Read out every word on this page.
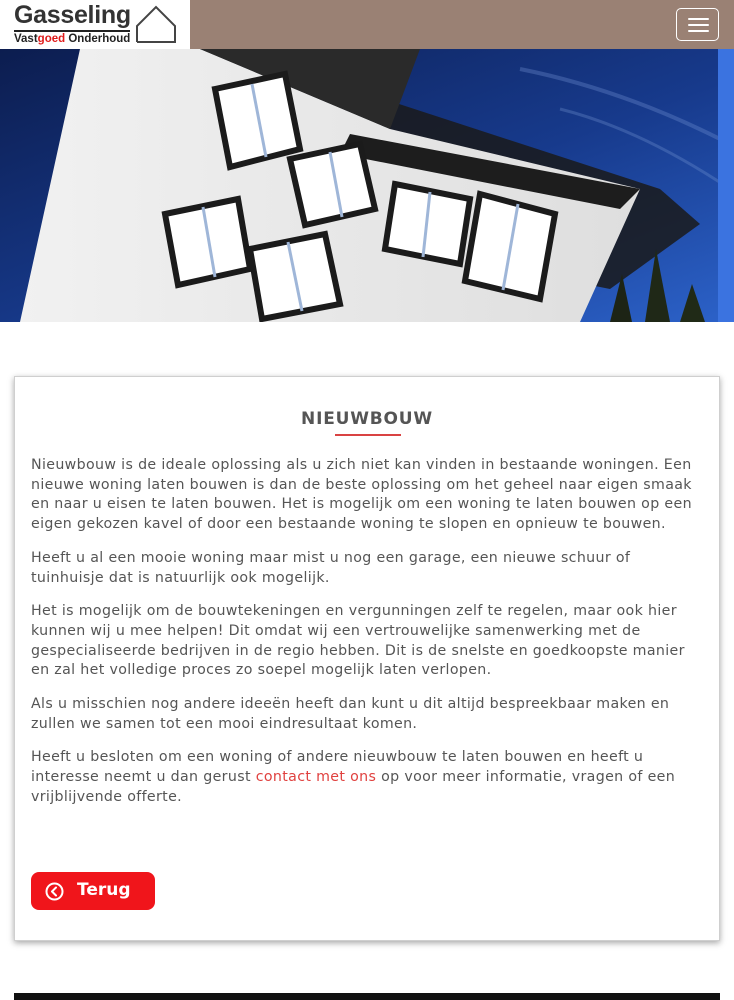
Gasseling
Vastgoed Onderhoud
NIEUWBOUW

Nieuwbouw is de ideale oplossing als u zich niet kan vinden in bestaande woningen. Een nieuwe woning laten bouwen is dan de beste oplossing om het geheel naar eigen smaak en naar u eisen te laten bouwen. Het is mogelijk om een woning te laten bouwen op een eigen gekozen kavel of door een bestaande woning te slopen en opnieuw te bouwen.

Heeft u al een mooie woning maar mist u nog een garage, een nieuwe schuur of tuinhuisje dat is natuurlijk ook mogelijk.

Het is mogelijk om de bouwtekeningen en vergunningen zelf te regelen, maar ook hier kunnen wij u mee helpen! Dit omdat wij een vertrouwelijke samenwerking met de gespecialiseerde bedrijven in de regio hebben. Dit is de snelste en goedkoopste manier en zal het volledige proces zo soepel mogelijk laten verlopen.

Als u misschien nog andere ideeën heeft dan kunt u dit altijd bespreekbaar maken en zullen we samen tot een mooi eindresultaat komen.

Heeft u besloten om een woning of andere nieuwbouw te laten bouwen en heeft u interesse neemt u dan gerust contact met ons op voor meer informatie, vragen of een vrijblijvende offerte.

Terug
